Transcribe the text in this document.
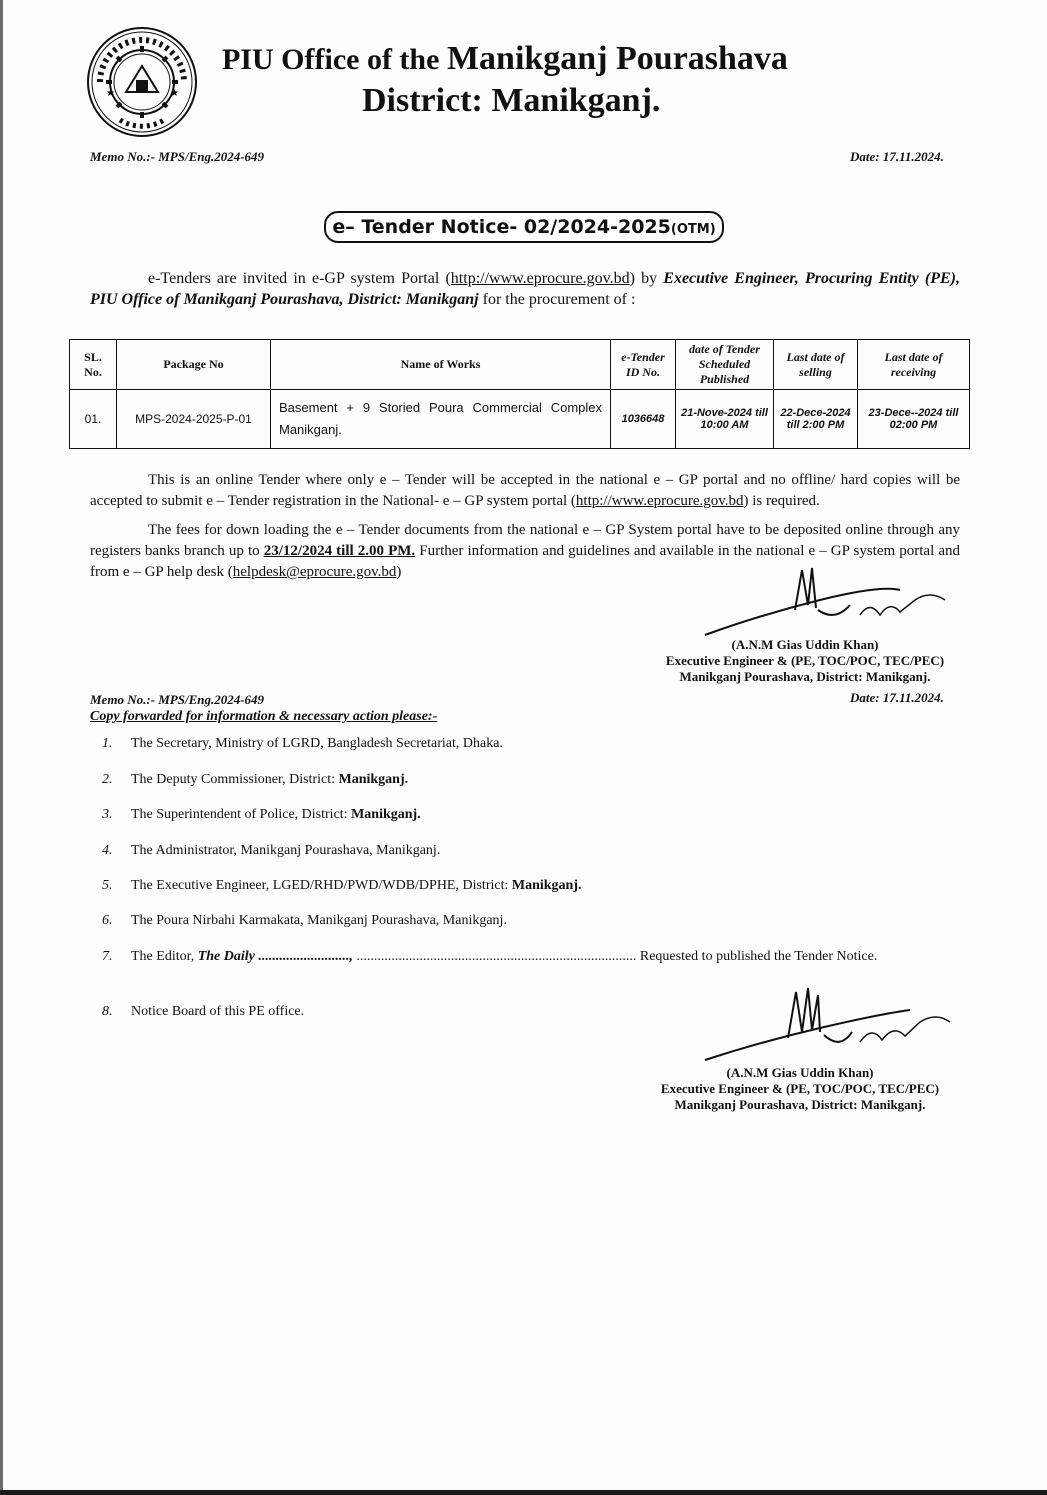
★	★
PIU Office of the Manikganj Pourashava
District: Manikganj.
Memo No.:- MPS/Eng.2024-649	Date: 17.11.2024.
e– Tender Notice- 02/2024-2025(OTM)
e-Tenders are invited in e-GP system Portal (http://www.eprocure.gov.bd) by Executive Engineer, Procuring Entity (PE), PIU Office of Manikganj Pourashava, District: Manikganj for the procurement of :
SL. No.	Package No	Name of Works	e-Tender ID No.	date of Tender Scheduled Published	Last date of selling	Last date of receiving
01.	MPS-2024-2025-P-01	Basement + 9 Storied Poura Commercial Complex Manikganj.	1036648	21-Nove-2024 till 10:00 AM	22-Dece-2024 till 2:00 PM	23-Dece--2024 till 02:00 PM
This is an online Tender where only e – Tender will be accepted in the national e – GP portal and no offline/ hard copies will be accepted to submit e – Tender registration in the National- e – GP system portal (http://www.eprocure.gov.bd) is required.
The fees for down loading the e – Tender documents from the national e – GP System portal have to be deposited online through any registers banks branch up to 23/12/2024 till 2.00 PM. Further information and guidelines and available in the national e – GP system portal and from e – GP help desk (helpdesk@eprocure.gov.bd)
(A.N.M Gias Uddin Khan)
Executive Engineer & (PE, TOC/POC, TEC/PEC)
Manikganj Pourashava, District: Manikganj.
Date: 17.11.2024.
Memo No.:- MPS/Eng.2024-649
Copy forwarded for information & necessary action please:-
1.	The Secretary, Ministry of LGRD, Bangladesh Secretariat, Dhaka.
2.	The Deputy Commissioner, District: Manikganj.
3.	The Superintendent of Police, District: Manikganj.
4.	The Administrator, Manikganj Pourashava, Manikganj.
5.	The Executive Engineer, LGED/RHD/PWD/WDB/DPHE, District: Manikganj.
6.	The Poura Nirbahi Karmakata, Manikganj Pourashava, Manikganj.
7.	The Editor, The Daily .........................., ................................................................................ Requested to published the Tender Notice.
8.	Notice Board of this PE office.
(A.N.M Gias Uddin Khan)
Executive Engineer & (PE, TOC/POC, TEC/PEC)
Manikganj Pourashava, District: Manikganj.
